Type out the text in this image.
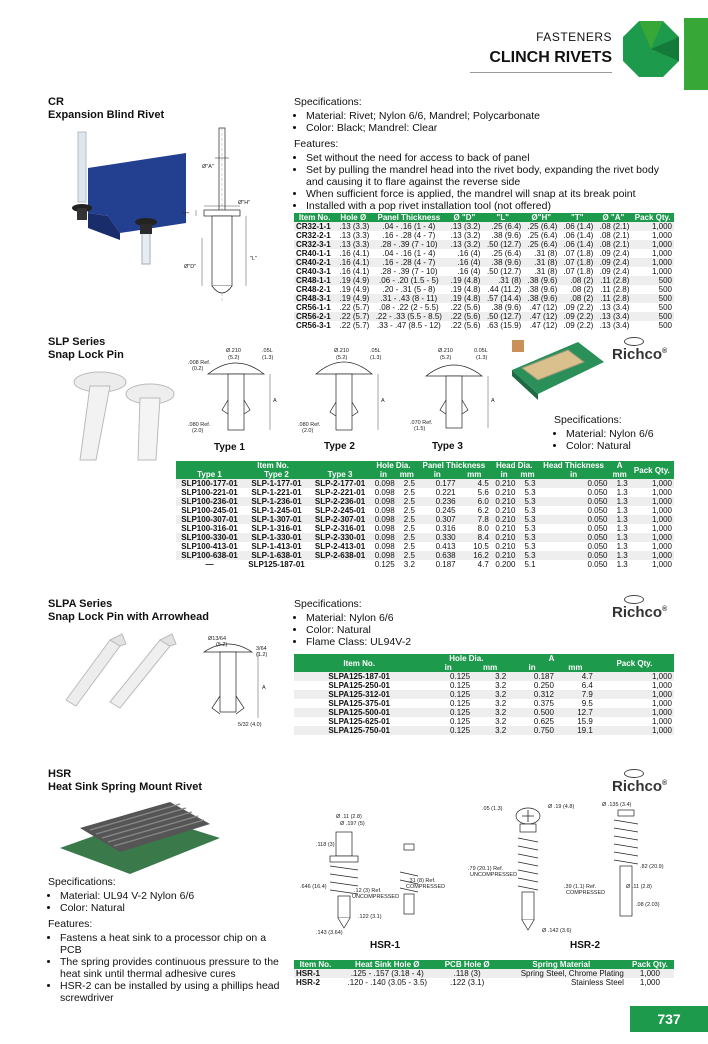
FASTENERS
CLINCH RIVETS
CR
Expansion Blind Rivet
Ø"A"
Ø"H"
"T"
"L"
Ø"D"
Specifications:
• Material: Rivet; Nylon 6/6, Mandrel; Polycarbonate
• Color: Black; Mandrel: Clear
Features:
• Set without the need for access to back of panel
• Set by pulling the mandrel head into the rivet body, expanding the rivet body
and causing it to flare against the reverse side
• When sufficient force is applied, the mandrel will snap at its break point
• Installed with a pop rivet installation tool (not offered)
Item No.	Hole Ø	Panel Thickness	Ø "D"	"L"	Ø"H"	"T"	Ø "A"	Pack Qty.
CR32-1-1	.13 (3.3)	.04 - .16 (1 - 4)	.13 (3.2)	.25 (6.4)	.25 (6.4)	.06 (1.4)	.08 (2.1)	1,000
CR32-2-1	.13 (3.3)	.16 - .28 (4 - 7)	.13 (3.2)	.38 (9.6)	.25 (6.4)	.06 (1.4)	.08 (2.1)	1,000
CR32-3-1	.13 (3.3)	.28 - .39 (7 - 10)	.13 (3.2)	.50 (12.7)	.25 (6.4)	.06 (1.4)	.08 (2.1)	1,000
CR40-1-1	.16 (4.1)	.04 - .16 (1 - 4)	.16 (4)	.25 (6.4)	.31 (8)	.07 (1.8)	.09 (2.4)	1,000
CR40-2-1	.16 (4.1)	.16 - .28 (4 - 7)	.16 (4)	.38 (9.6)	.31 (8)	.07 (1.8)	.09 (2.4)	1,000
CR40-3-1	.16 (4.1)	.28 - .39 (7 - 10)	.16 (4)	.50 (12.7)	.31 (8)	.07 (1.8)	.09 (2.4)	1,000
CR48-1-1	.19 (4.9)	.06 - .20 (1.5 - 5)	.19 (4.8)	.31 (8)	.38 (9.6)	.08 (2)	.11 (2.8)	500
CR48-2-1	.19 (4.9)	.20 - .31 (5 - 8)	.19 (4.8)	.44 (11.2)	.38 (9.6)	.08 (2)	.11 (2.8)	500
CR48-3-1	.19 (4.9)	.31 - .43 (8 - 11)	.19 (4.8)	.57 (14.4)	.38 (9.6)	.08 (2)	.11 (2.8)	500
CR56-1-1	.22 (5.7)	.08 - .22 (2 - 5.5)	.22 (5.6)	.38 (9.6)	.47 (12)	.09 (2.2)	.13 (3.4)	500
CR56-2-1	.22 (5.7)	.22 - .33 (5.5 - 8.5)	.22 (5.6)	.50 (12.7)	.47 (12)	.09 (2.2)	.13 (3.4)	500
CR56-3-1	.22 (5.7)	.33 - .47 (8.5 - 12)	.22 (5.6)	.63 (15.9)	.47 (12)	.09 (2.2)	.13 (3.4)	500
SLP Series
Snap Lock Pin
A
Ø.210
(5.2)
.05L
(1.3)
.008 Ref.
(0.2)
.080 Ref.
(2.0)
A
Ø.210
(5.2)
.05L
(1.3)
.080 Ref.
(2.0)
A
Ø.210
(5.2)
0.05L
(1.3)
.070 Ref.
(1.5)
Type 1	Type 2	Type 3
Richco®
Specifications:
• Material: Nylon 6/6
• Color: Natural
Item No.			Hole Dia.		Panel Thickness		Head Dia.		Head Thickness	A	Pack Qty.
Type 1	Type 2	Type 3	in	mm	in	mm	in	mm	in	mm	
SLP100-177-01	SLP-1-177-01	SLP-2-177-01	0.098	2.5	0.177	4.5	0.210	5.3	0.050	1.3	1,000
SLP100-221-01	SLP-1-221-01	SLP-2-221-01	0.098	2.5	0.221	5.6	0.210	5.3	0.050	1.3	1,000
SLP100-236-01	SLP-1-236-01	SLP-2-236-01	0.098	2.5	0.236	6.0	0.210	5.3	0.050	1.3	1,000
SLP100-245-01	SLP-1-245-01	SLP-2-245-01	0.098	2.5	0.245	6.2	0.210	5.3	0.050	1.3	1,000
SLP100-307-01	SLP-1-307-01	SLP-2-307-01	0.098	2.5	0.307	7.8	0.210	5.3	0.050	1.3	1,000
SLP100-316-01	SLP-1-316-01	SLP-2-316-01	0.098	2.5	0.316	8.0	0.210	5.3	0.050	1.3	1,000
SLP100-330-01	SLP-1-330-01	SLP-2-330-01	0.098	2.5	0.330	8.4	0.210	5.3	0.050	1.3	1,000
SLP100-413-01	SLP-1-413-01	SLP-2-413-01	0.098	2.5	0.413	10.5	0.210	5.3	0.050	1.3	1,000
SLP100-638-01	SLP-1-638-01	SLP-2-638-01	0.098	2.5	0.638	16.2	0.210	5.3	0.050	1.3	1,000
—	SLP125-187-01		0.125	3.2	0.187	4.7	0.200	5.1	0.050	1.3	1,000
SLPA Series
Snap Lock Pin with Arrowhead
A
Ø13/64
(5.2)
3/64
(1.2)
5/32 (4.0)
Specifications:
• Material: Nylon 6/6
• Color: Natural
• Flame Class: UL94V-2
Richco®
Item No.	Hole Dia.		A		Pack Qty.
	in	mm	in	mm	
SLPA125-187-01	0.125	3.2	0.187	4.7	1,000
SLPA125-250-01	0.125	3.2	0.250	6.4	1,000
SLPA125-312-01	0.125	3.2	0.312	7.9	1,000
SLPA125-375-01	0.125	3.2	0.375	9.5	1,000
SLPA125-500-01	0.125	3.2	0.500	12.7	1,000
SLPA125-625-01	0.125	3.2	0.625	15.9	1,000
SLPA125-750-01	0.125	3.2	0.750	19.1	1,000
HSR
Heat Sink Spring Mount Rivet
Specifications:
• Material: UL94 V-2 Nylon 6/6
• Color: Natural
Features:
• Fastens a heat sink to a processor chip on a PCB
• The spring provides continuous pressure to the heat sink until thermal adhesive cures
• HSR-2 can be installed by using a phillips head screwdriver
Richco®
Ø .11 (2.8)
Ø .197 (5)
.118 (3)
.646 (16.4)
.12 (3) Ref.
UNCOMPRESSED
.31 (8) Ref.
COMPRESSED
.122 (3.1)
.143 (3.64)
HSR-1
.05 (1.3)	Ø .19 (4.8)	Ø .135 (3.4)
.79 (20.1) Ref.
UNCOMPRESSED
.39 (1.1) Ref.
COMPRESSED
Ø .11 (2.8)
.82 (20.9)
.08 (2.03)
Ø .142 (3.6)
HSR-2
Item No.	Heat Sink Hole Ø	PCB Hole Ø	Spring Material	Pack Qty.
HSR-1	.125 - .157 (3.18 - 4)	.118 (3)	Spring Steel, Chrome Plating	1,000
HSR-2	.120 - .140 (3.05 - 3.5)	.122 (3.1)	Stainless Steel	1,000
737
